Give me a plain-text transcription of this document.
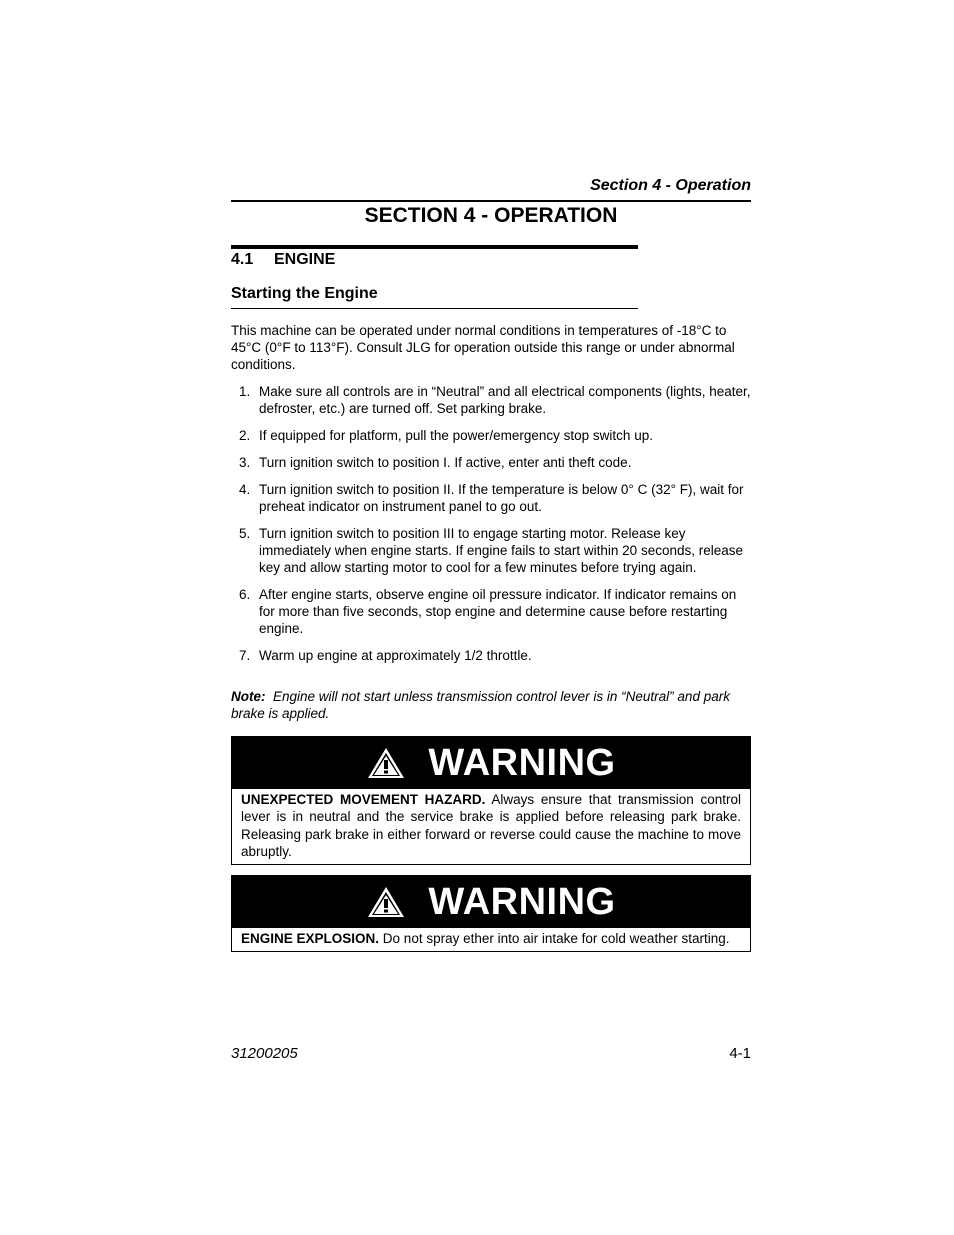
Section 4 - Operation
SECTION 4 - OPERATION
4.1 ENGINE
Starting the Engine
This machine can be operated under normal conditions in temperatures of -18°C to 45°C (0°F to 113°F). Consult JLG for operation outside this range or under abnormal conditions.
1. Make sure all controls are in “Neutral” and all electrical components (lights, heater, defroster, etc.) are turned off. Set parking brake.
2. If equipped for platform, pull the power/emergency stop switch up.
3. Turn ignition switch to position I. If active, enter anti theft code.
4. Turn ignition switch to position II. If the temperature is below 0° C (32° F), wait for preheat indicator on instrument panel to go out.
5. Turn ignition switch to position III to engage starting motor. Release key immediately when engine starts. If engine fails to start within 20 seconds, release key and allow starting motor to cool for a few minutes before trying again.
6. After engine starts, observe engine oil pressure indicator. If indicator remains on for more than five seconds, stop engine and determine cause before restarting engine.
7. Warm up engine at approximately 1/2 throttle.
Note: Engine will not start unless transmission control lever is in “Neutral” and park brake is applied.
WARNING
UNEXPECTED MOVEMENT HAZARD. Always ensure that transmission control lever is in neutral and the service brake is applied before releasing park brake. Releasing park brake in either forward or reverse could cause the machine to move abruptly.
WARNING
ENGINE EXPLOSION. Do not spray ether into air intake for cold weather starting.
31200205	4-1
